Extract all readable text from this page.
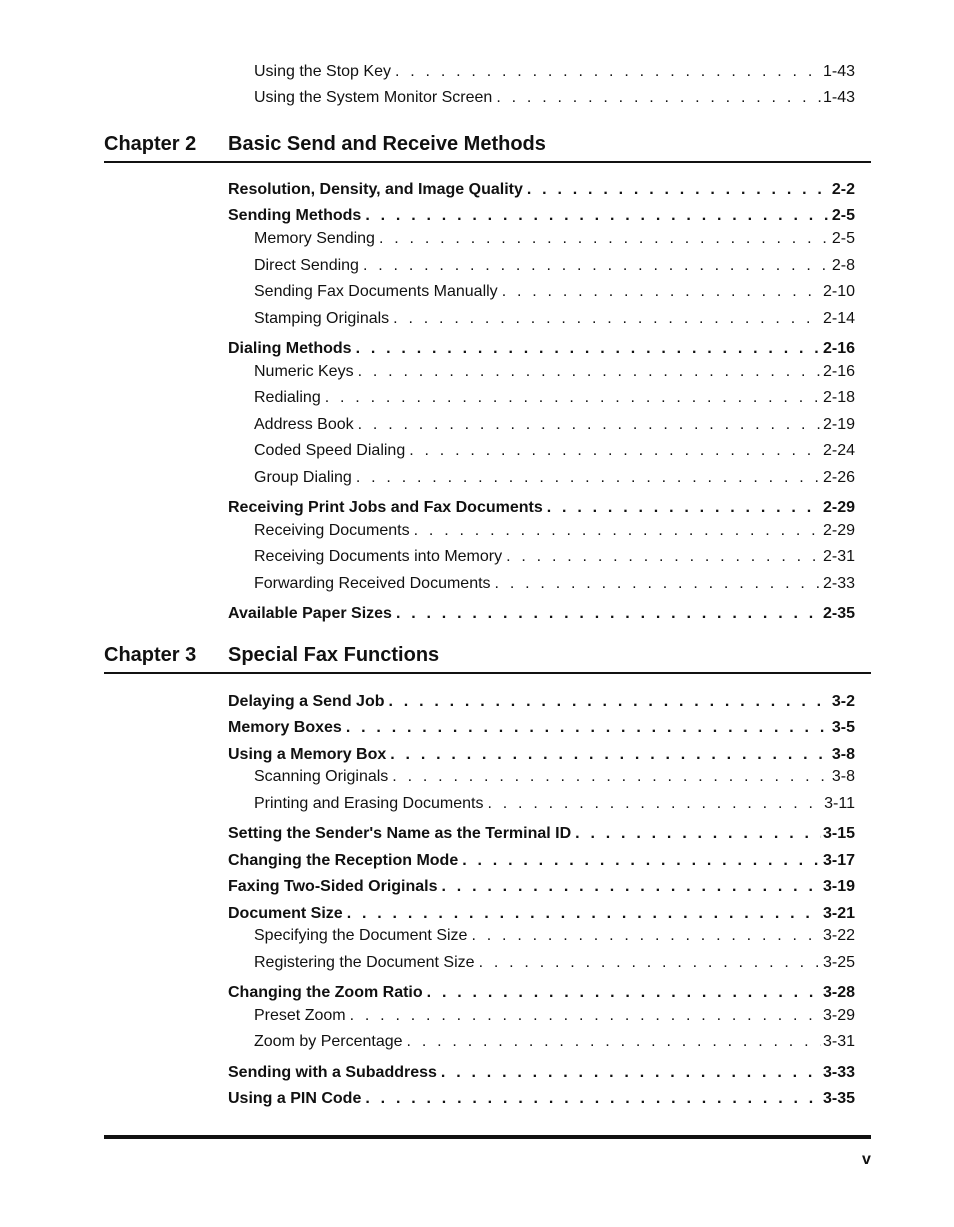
Using the Stop Key . . .	1-43
Using the System Monitor Screen . . .	1-43
Chapter 2 Basic Send and Receive Methods
Resolution, Density, and Image Quality . . .	2-2
Sending Methods . . .	2-5
Memory Sending . . .	2-5
Direct Sending . . .	2-8
Sending Fax Documents Manually . . .	2-10
Stamping Originals . . .	2-14
Dialing Methods . . .	2-16
Numeric Keys . . .	2-16
Redialing . . .	2-18
Address Book . . .	2-19
Coded Speed Dialing . . .	2-24
Group Dialing . . .	2-26
Receiving Print Jobs and Fax Documents . . .	2-29
Receiving Documents . . .	2-29
Receiving Documents into Memory . . .	2-31
Forwarding Received Documents . . .	2-33
Available Paper Sizes . . .	2-35
Chapter 3 Special Fax Functions
Delaying a Send Job . . .	3-2
Memory Boxes . . .	3-5
Using a Memory Box . . .	3-8
Scanning Originals . . .	3-8
Printing and Erasing Documents . . .	3-11
Setting the Sender's Name as the Terminal ID . . .	3-15
Changing the Reception Mode . . .	3-17
Faxing Two-Sided Originals . . .	3-19
Document Size . . .	3-21
Specifying the Document Size . . .	3-22
Registering the Document Size . . .	3-25
Changing the Zoom Ratio . . .	3-28
Preset Zoom . . .	3-29
Zoom by Percentage . . .	3-31
Sending with a Subaddress . . .	3-33
Using a PIN Code . . .	3-35
v
